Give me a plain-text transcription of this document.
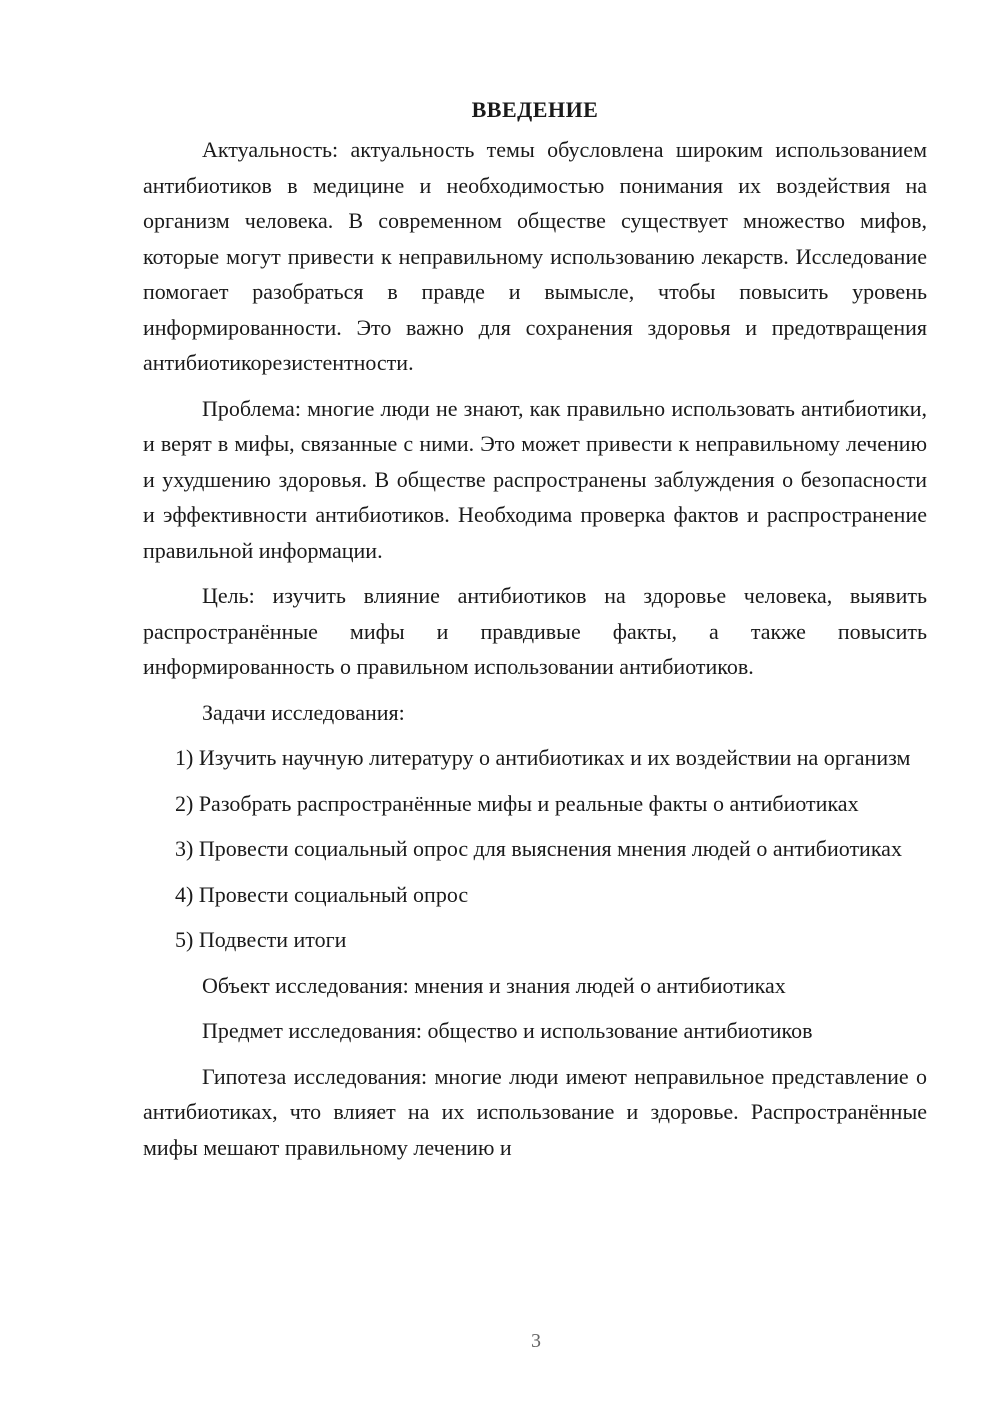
ВВЕДЕНИЕ

Актуальность: актуальность темы обусловлена широким использованием антибиотиков в медицине и необходимостью понимания их воздействия на организм человека. В современном обществе существует множество мифов, которые могут привести к неправильному использованию лекарств. Исследование помогает разобраться в правде и вымысле, чтобы повысить уровень информированности. Это важно для сохранения здоровья и предотвращения антибиотикорезистентности.

Проблема: многие люди не знают, как правильно использовать антибиотики, и верят в мифы, связанные с ними. Это может привести к неправильному лечению и ухудшению здоровья. В обществе распространены заблуждения о безопасности и эффективности антибиотиков. Необходима проверка фактов и распространение правильной информации.

Цель: изучить влияние антибиотиков на здоровье человека, выявить распространённые мифы и правдивые факты, а также повысить информированность о правильном использовании антибиотиков.

Задачи исследования:

1) Изучить научную литературу о антибиотиках и их воздействии на организм

2) Разобрать распространённые мифы и реальные факты о антибиотиках

3) Провести социальный опрос для выяснения мнения людей о антибиотиках

4) Провести социальный опрос

5) Подвести итоги

Объект исследования: мнения и знания людей о антибиотиках

Предмет исследования: общество и использование антибиотиков

Гипотеза исследования: многие люди имеют неправильное представление о антибиотиках, что влияет на их использование и здоровье. Распространённые мифы мешают правильному лечению и

3
